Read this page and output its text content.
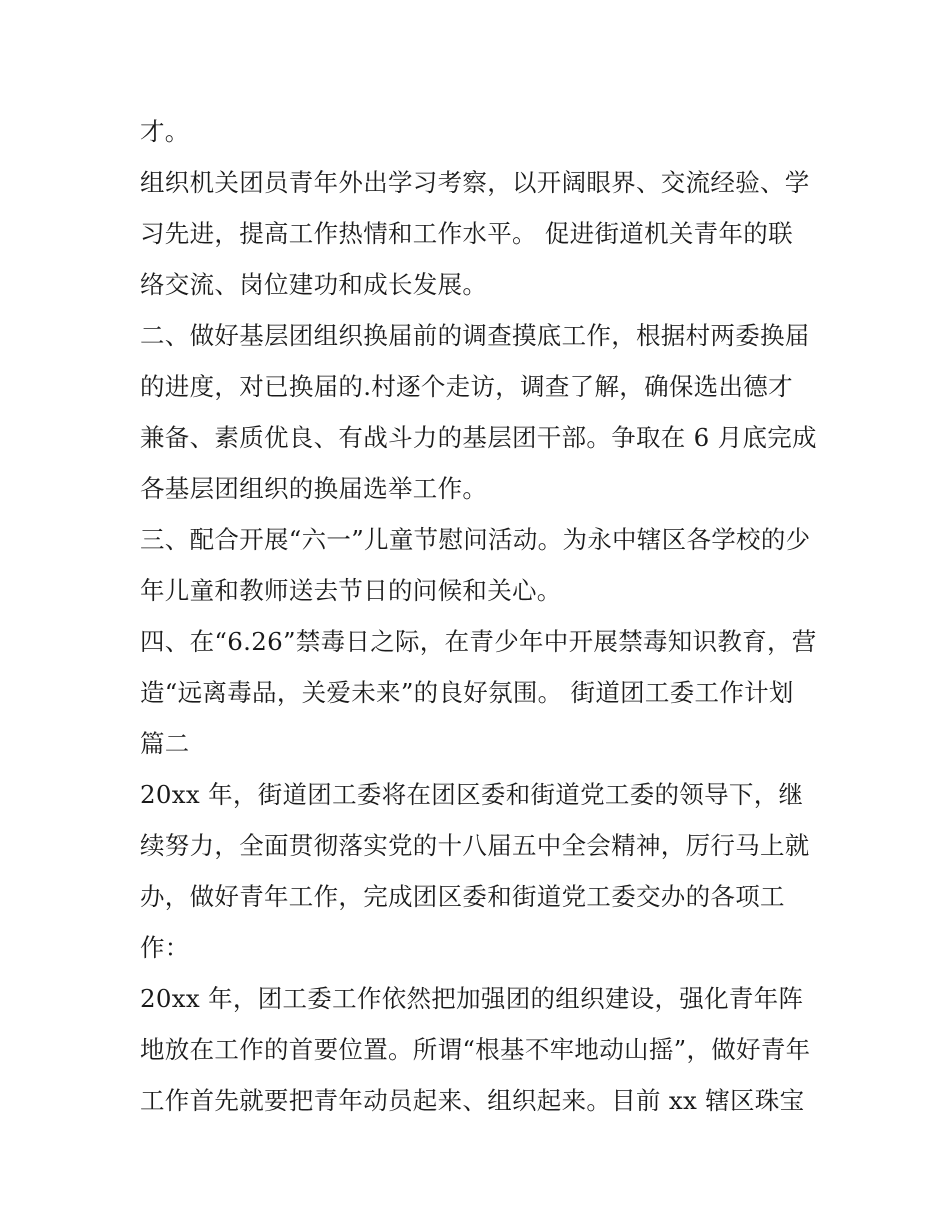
才。
组织机关团员青年外出学习考察，以开阔眼界、交流经验、学
习先进，提高工作热情和工作水平。 促进街道机关青年的联
络交流、岗位建功和成长发展。
二、做好基层团组织换届前的调查摸底工作，根据村两委换届
的进度，对已换届的.村逐个走访，调查了解，确保选出德才
兼备、素质优良、有战斗力的基层团干部。争取在 6 月底完成
各基层团组织的换届选举工作。
三、配合开展“六一”儿童节慰问活动。为永中辖区各学校的少
年儿童和教师送去节日的问候和关心。
四、在“6.26”禁毒日之际，在青少年中开展禁毒知识教育，营
造“远离毒品，关爱未来”的良好氛围。 街道团工委工作计划
篇二
20xx 年，街道团工委将在团区委和街道党工委的领导下，继
续努力，全面贯彻落实党的十八届五中全会精神，厉行马上就
办，做好青年工作，完成团区委和街道党工委交办的各项工
作：
20xx 年，团工委工作依然把加强团的组织建设，强化青年阵
地放在工作的首要位置。所谓“根基不牢地动山摇”，做好青年
工作首先就要把青年动员起来、组织起来。目前 xx 辖区珠宝
